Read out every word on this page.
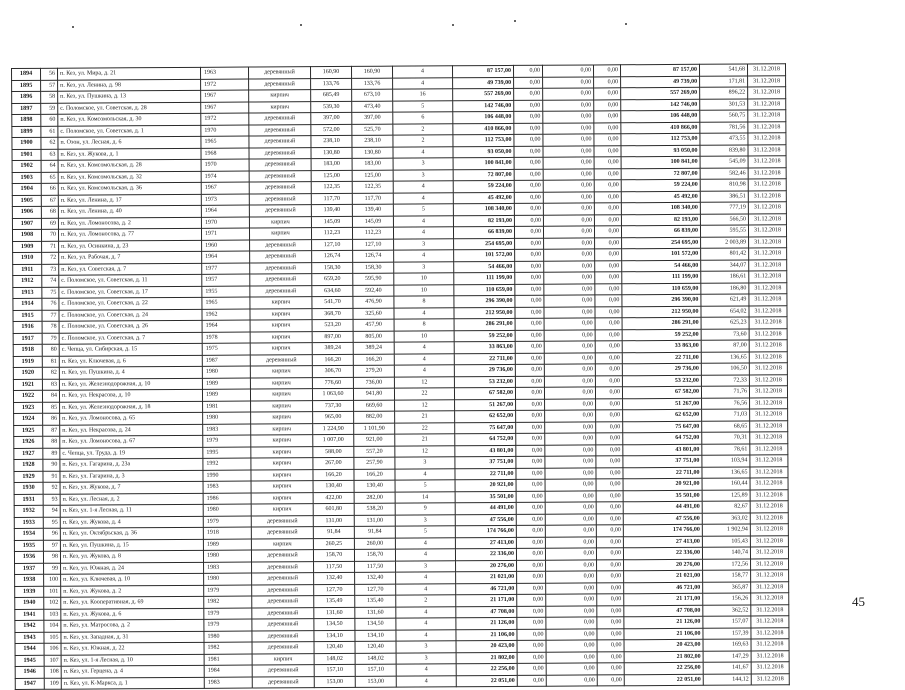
1894	56	п. Кез, ул. Мира, д. 21	1963	деревянный	160,90	160,90	4	87 157,00	0,00	0,00	0,00	87 157,00	541,68	31.12.2018
1895	57	п. Кез, ул. Ленина, д. 98	1972	деревянный	133,76	133,76	4	49 739,00	0,00	0,00	0,00	49 739,00	171,81	31.12.2018
1896	58	п. Кез, ул. Пушкина, д. 13	1967	кирпич	685,49	673,10	16	557 269,00	0,00	0,00	0,00	557 269,00	896,22	31.12.2018
1897	59	с. Поломское, ул. Советская, д. 28	1967	кирпич	539,30	473,40	5	142 746,00	0,00	0,00	0,00	142 746,00	301,53	31.12.2018
1898	60	п. Кез, ул. Комсомольская, д. 30	1972	деревянный	397,00	397,00	6	106 448,00	0,00	0,00	0,00	106 448,00	560,75	31.12.2018
1899	61	с. Поломское, ул. Советская, д. 1	1970	деревянный	572,00	525,70	2	410 866,00	0,00	0,00	0,00	410 866,00	781,56	31.12.2018
1900	62	п. Озон, ул. Лесная, д. 6	1965	деревянный	238,10	238,10	2	112 753,00	0,00	0,00	0,00	112 753,00	473,55	31.12.2018
1901	63	п. Кез, ул. Жукова, д. 1	1968	деревянный	130,80	130,80	4	93 050,00	0,00	0,00	0,00	93 050,00	839,80	31.12.2018
1902	64	п. Кез, ул. Комсомольская, д. 28	1970	деревянный	183,00	183,00	3	100 841,00	0,00	0,00	0,00	100 841,00	545,09	31.12.2018
1903	65	п. Кез, ул. Комсомольская, д. 32	1974	деревянный	125,00	125,00	3	72 807,00	0,00	0,00	0,00	72 807,00	582,46	31.12.2018
1904	66	п. Кез, ул. Комсомольская, д. 36	1967	деревянный	122,35	122,35	4	59 224,00	0,00	0,00	0,00	59 224,00	810,98	31.12.2018
1905	67	п. Кез, ул. Ленина, д. 17	1973	деревянный	117,70	117,70	4	45 492,00	0,00	0,00	0,00	45 492,00	386,51	31.12.2018
1906	68	п. Кез, ул. Ленина, д. 40	1964	деревянный	139,40	139,40	5	108 340,00	0,00	0,00	0,00	108 340,00	777,19	31.12.2018
1907	69	п. Кез, ул. Ломоносова, д. 2	1970	кирпич	145,09	145,09	4	82 193,00	0,00	0,00	0,00	82 193,00	566,50	31.12.2018
1908	70	п. Кез, ул. Ломоносова, д. 77	1971	кирпич	112,23	112,23	4	66 839,00	0,00	0,00	0,00	66 839,00	595,55	31.12.2018
1909	71	п. Кез, ул. Осинкина, д. 23	1960	деревянный	127,10	127,10	3	254 695,00	0,00	0,00	0,00	254 695,00	2 003,89	31.12.2018
1910	72	п. Кез, ул. Рабочая, д. 7	1964	деревянный	126,74	126,74	4	101 572,00	0,00	0,00	0,00	101 572,00	801,42	31.12.2018
1911	73	п. Кез, ул. Советская, д. 7	1977	деревянный	158,30	158,30	3	54 466,00	0,00	0,00	0,00	54 466,00	344,07	31.12.2018
1912	74	с. Поломское, ул. Советская, д. 11	1957	деревянный	659,20	595,90	10	111 199,00	0,00	0,00	0,00	111 199,00	186,61	31.12.2018
1913	75	с. Поломское, ул. Советская, д. 17	1955	деревянный	634,60	592,40	10	110 659,00	0,00	0,00	0,00	110 659,00	186,80	31.12.2018
1914	76	с. Поломское, ул. Советская, д. 22	1965	кирпич	541,70	476,90	8	296 390,00	0,00	0,00	0,00	296 390,00	621,49	31.12.2018
1915	77	с. Поломское, ул. Советская, д. 24	1962	кирпич	368,70	325,60	4	212 950,00	0,00	0,00	0,00	212 950,00	654,02	31.12.2018
1916	78	с. Поломское, ул. Советская, д. 26	1964	кирпич	523,20	457,90	8	286 291,00	0,00	0,00	0,00	286 291,00	625,23	31.12.2018
1917	79	с. Поломское, ул. Советская, д. 7	1978	кирпич	897,00	805,00	10	59 252,00	0,00	0,00	0,00	59 252,00	73,60	31.12.2018
1918	80	с. Чепца, ул. Сибирская, д. 15	1975	кирпич	389,24	389,24	4	33 863,00	0,00	0,00	0,00	33 863,00	87,00	31.12.2018
1919	81	п. Кез, ул. Ключевая, д. 6	1987	деревянный	166,20	166,20	4	22 711,00	0,00	0,00	0,00	22 711,00	136,65	31.12.2018
1920	82	п. Кез, ул. Пушкина, д. 4	1980	кирпич	306,70	279,20	4	29 736,00	0,00	0,00	0,00	29 736,00	106,50	31.12.2018
1921	83	п. Кез, ул. Железнодорожная, д. 10	1989	кирпич	776,60	736,00	12	53 232,00	0,00	0,00	0,00	53 232,00	72,33	31.12.2018
1922	84	п. Кез, ул. Некрасова, д. 10	1989	кирпич	1 063,60	941,80	22	67 582,00	0,00	0,00	0,00	67 582,00	71,76	31.12.2018
1923	85	п. Кез, ул. Железнодорожная, д. 18	1981	кирпич	737,30	669,60	12	51 267,00	0,00	0,00	0,00	51 267,00	76,56	31.12.2018
1924	86	п. Кез, ул. Ломоносова, д. 65	1980	кирпич	965,00	882,00	21	62 652,00	0,00	0,00	0,00	62 652,00	71,03	31.12.2018
1925	87	п. Кез, ул. Некрасова, д. 24	1983	кирпич	1 224,90	1 101,90	22	75 647,00	0,00	0,00	0,00	75 647,00	68,65	31.12.2018
1926	88	п. Кез, ул. Ломоносова, д. 67	1979	кирпич	1 007,00	921,00	21	64 752,00	0,00	0,00	0,00	64 752,00	70,31	31.12.2018
1927	89	с. Чепца, ул. Труда, д. 19	1995	кирпич	588,00	557,20	12	43 801,00	0,00	0,00	0,00	43 801,00	78,61	31.12.2018
1928	90	п. Кез, ул. Гагарина, д. 23а	1992	кирпич	267,00	257,90	3	37 751,00	0,00	0,00	0,00	37 751,00	103,94	31.12.2018
1929	91	п. Кез, ул. Гагарина, д. 3	1990	кирпич	166,20	166,20	4	22 711,00	0,00	0,00	0,00	22 711,00	136,65	31.12.2018
1930	92	п. Кез, ул. Жукова, д. 7	1983	кирпич	130,40	130,40	5	20 921,00	0,00	0,00	0,00	20 921,00	160,44	31.12.2018
1931	93	п. Кез, ул. Лесная, д. 2	1986	кирпич	422,00	282,00	14	35 501,00	0,00	0,00	0,00	35 501,00	125,89	31.12.2018
1932	94	п. Кез, ул. 1-я Лесная, д. 11	1980	кирпич	601,80	538,20	9	44 491,00	0,00	0,00	0,00	44 491,00	82,67	31.12.2018
1933	95	п. Кез, ул. Жукова, д. 4	1979	деревянный	131,00	131,00	3	47 556,00	0,00	0,00	0,00	47 556,00	363,02	31.12.2018
1934	96	п. Кез, ул. Октябрьская, д. 36	1918	деревянный	91,84	91,84	5	174 766,00	0,00	0,00	0,00	174 766,00	1 902,94	31.12.2018
1935	97	п. Кез, ул. Пушкина, д. 15	1989	кирпич	260,25	260,00	4	27 413,00	0,00	0,00	0,00	27 413,00	105,43	31.12.2018
1936	98	п. Кез, ул. Жукова, д. 8	1980	деревянный	158,70	158,70	4	22 336,00	0,00	0,00	0,00	22 336,00	140,74	31.12.2018
1937	99	п. Кез, ул. Южная, д. 24	1983	деревянный	117,50	117,50	3	20 276,00	0,00	0,00	0,00	20 276,00	172,56	31.12.2018
1938	100	п. Кез, ул. Ключевая, д. 10	1980	деревянный	132,40	132,40	4	21 021,00	0,00	0,00	0,00	21 021,00	158,77	31.12.2018
1939	101	п. Кез, ул. Жукова, д. 2	1979	деревянный	127,70	127,70	4	46 721,00	0,00	0,00	0,00	46 721,00	365,87	31.12.2018
1940	102	п. Кез, ул. Кооперативная, д. 69	1982	деревянный	135,49	135,40	2	21 171,00	0,00	0,00	0,00	21 171,00	156,26	31.12.2018
1941	103	п. Кез, ул. Жукова, д. 6	1979	деревянный	131,60	131,60	4	47 708,00	0,00	0,00	0,00	47 708,00	362,52	31.12.2018
1942	104	п. Кез, ул. Матросова, д. 2	1979	деревянный	134,50	134,50	4	21 126,00	0,00	0,00	0,00	21 126,00	157,07	31.12.2018
1943	105	п. Кез, ул. Западная, д. 31	1980	деревянный	134,10	134,10	4	21 106,00	0,00	0,00	0,00	21 106,00	157,39	31.12.2018
1944	106	п. Кез, ул. Южная, д. 22	1982	деревянный	120,40	120,40	3	20 423,00	0,00	0,00	0,00	20 423,00	169,63	31.12.2018
1945	107	п. Кез, ул. 1-я Лесная, д. 10	1981	кирпич	148,02	148,02	3	21 802,00	0,00	0,00	0,00	21 802,00	147,29	31.12.2018
1946	108	п. Кез, ул. Герцена, д. 4	1984	деревянный	157,10	157,10	4	22 256,00	0,00	0,00	0,00	22 256,00	141,67	31.12.2018
1947	109	п. Кез, ул. К-Маркса, д. 1	1983	деревянный	153,00	153,00	4	22 051,00	0,00	0,00	0,00	22 051,00	144,12	31.12.2018
45
